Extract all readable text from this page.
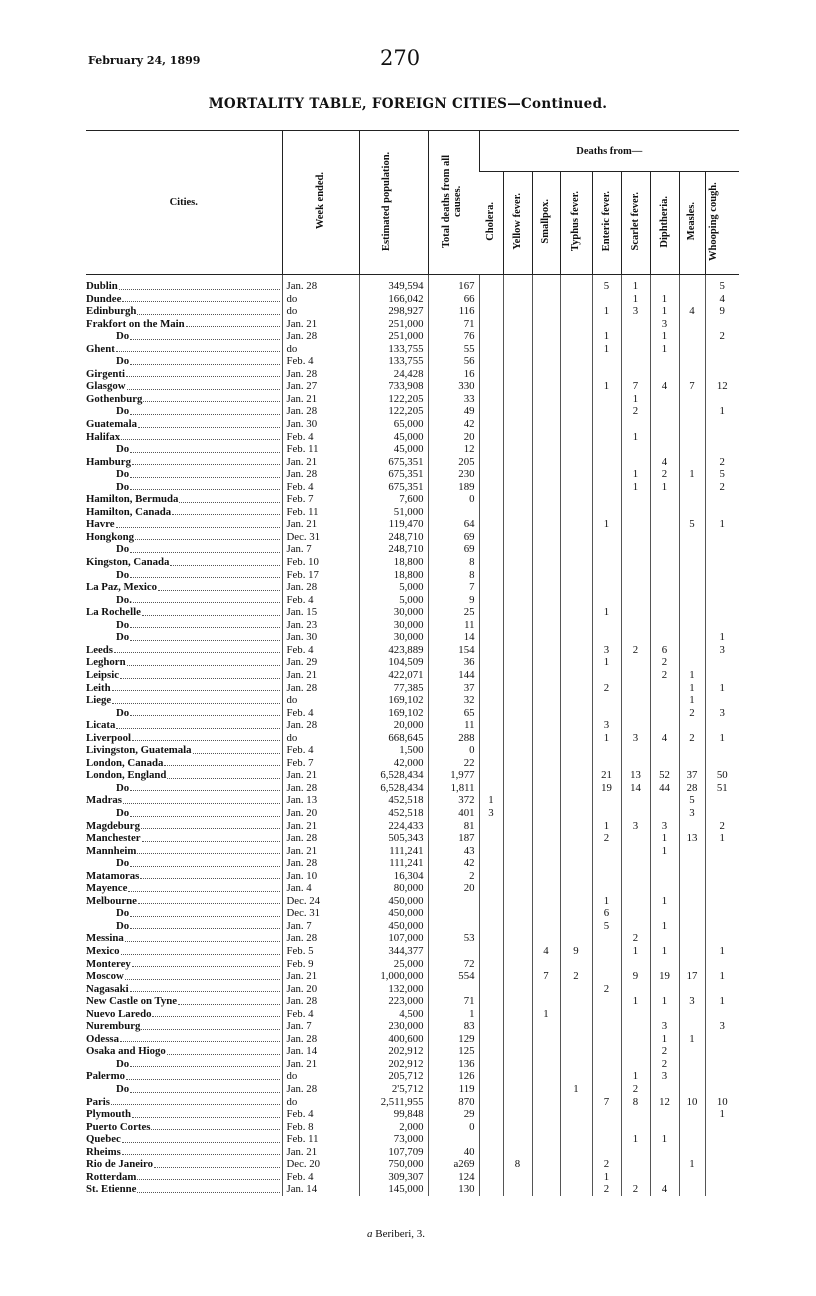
February 24, 1899	270
MORTALITY TABLE, FOREIGN CITIES—Continued.
Cities.	Week ended.	Estimated population.	Total deaths from all causes.	Deaths from—								
				Cholera.	Yellow fever.	Smallpox.	Typhus fever.	Enteric fever.	Scarlet fever.	Diphtheria.	Measles.	Whooping cough.

Dublin	Jan. 28	349,594	167					5	1			5

Dundee	do	166,042	66						1	1		4

Edinburgh	do	298,927	116					1	3	1	4	9

Frakfort on the Main	Jan. 21	251,000	71							3		

Do	Jan. 28	251,000	76					1		1		2

Ghent	do	133,755	55					1		1		

Do	Feb. 4	133,755	56									

Girgenti	Jan. 28	24,428	16									

Glasgow	Jan. 27	733,908	330					1	7	4	7	12

Gothenburg	Jan. 21	122,205	33						1			

Do	Jan. 28	122,205	49						2			1

Guatemala	Jan. 30	65,000	42									

Halifax	Feb. 4	45,000	20						1			

Do	Feb. 11	45,000	12									

Hamburg	Jan. 21	675,351	205							4		2

Do	Jan. 28	675,351	230						1	2	1	5

Do	Feb. 4	675,351	189						1	1		2

Hamilton, Bermuda	Feb. 7	7,600	0									

Hamilton, Canada	Feb. 11	51,000										

Havre	Jan. 21	119,470	64					1			5	1

Hongkong	Dec. 31	248,710	69									

Do	Jan. 7	248,710	69									

Kingston, Canada	Feb. 10	18,800	8									

Do	Feb. 17	18,800	8									

La Paz, Mexico	Jan. 28	5,000	7									

Do.	Feb. 4	5,000	9									

La Rochelle	Jan. 15	30,000	25					1				

Do	Jan. 23	30,000	11									

Do	Jan. 30	30,000	14									1

Leeds	Feb. 4	423,889	154					3	2	6		3

Leghorn	Jan. 29	104,509	36					1		2		

Leipsic	Jan. 21	422,071	144							2	1	

Leith	Jan. 28	77,385	37					2			1	1

Liege	do	169,102	32								1	

Do	Feb. 4	169,102	65								2	3

Licata	Jan. 28	20,000	11					3				

Liverpool	do	668,645	288					1	3	4	2	1

Livingston, Guatemala	Feb. 4	1,500	0									

London, Canada	Feb. 7	42,000	22									

London, England	Jan. 21	6,528,434	1,977					21	13	52	37	50

Do	Jan. 28	6,528,434	1,811					19	14	44	28	51

Madras	Jan. 13	452,518	372	1							5	

Do	Jan. 20	452,518	401	3							3	

Magdeburg	Jan. 21	224,433	81					1	3	3		2

Manchester	Jan. 28	505,343	187					2		1	13	1

Mannheim	Jan. 21	111,241	43							1		

Do	Jan. 28	111,241	42									

Matamoras	Jan. 10	16,304	2									

Mayence	Jan. 4	80,000	20									

Melbourne	Dec. 24	450,000						1		1		

Do	Dec. 31	450,000						6				

Do	Jan. 7	450,000						5		1		

Messina	Jan. 28	107,000	53						2			

Mexico	Feb. 5	344,377				4	9		1	1		1

Monterey	Feb. 9	25,000	72									

Moscow	Jan. 21	1,000,000	554			7	2		9	19	17	1

Nagasaki	Jan. 20	132,000						2				

New Castle on Tyne	Jan. 28	223,000	71						1	1	3	1

Nuevo Laredo	Feb. 4	4,500	1			1						

Nuremburg	Jan. 7	230,000	83							3		3

Odessa	Jan. 28	400,600	129							1	1	

Osaka and Hiogo	Jan. 14	202,912	125							2		

Do	Jan. 21	202,912	136							2		

Palermo	do	205,712	126						1	3		

Do	Jan. 28	2'5,712	119				1		2			

Paris	do	2,511,955	870					7	8	12	10	10

Plymouth	Feb. 4	99,848	29									1

Puerto Cortes	Feb. 8	2,000	0									

Quebec	Feb. 11	73,000							1	1		

Rheims	Jan. 21	107,709	40									

Rio de Janeiro	Dec. 20	750,000	a269		8			2			1	

Rotterdam	Feb. 4	309,307	124					1				

St. Etienne	Jan. 14	145,000	130					2	2	4		
a Beriberi, 3.
